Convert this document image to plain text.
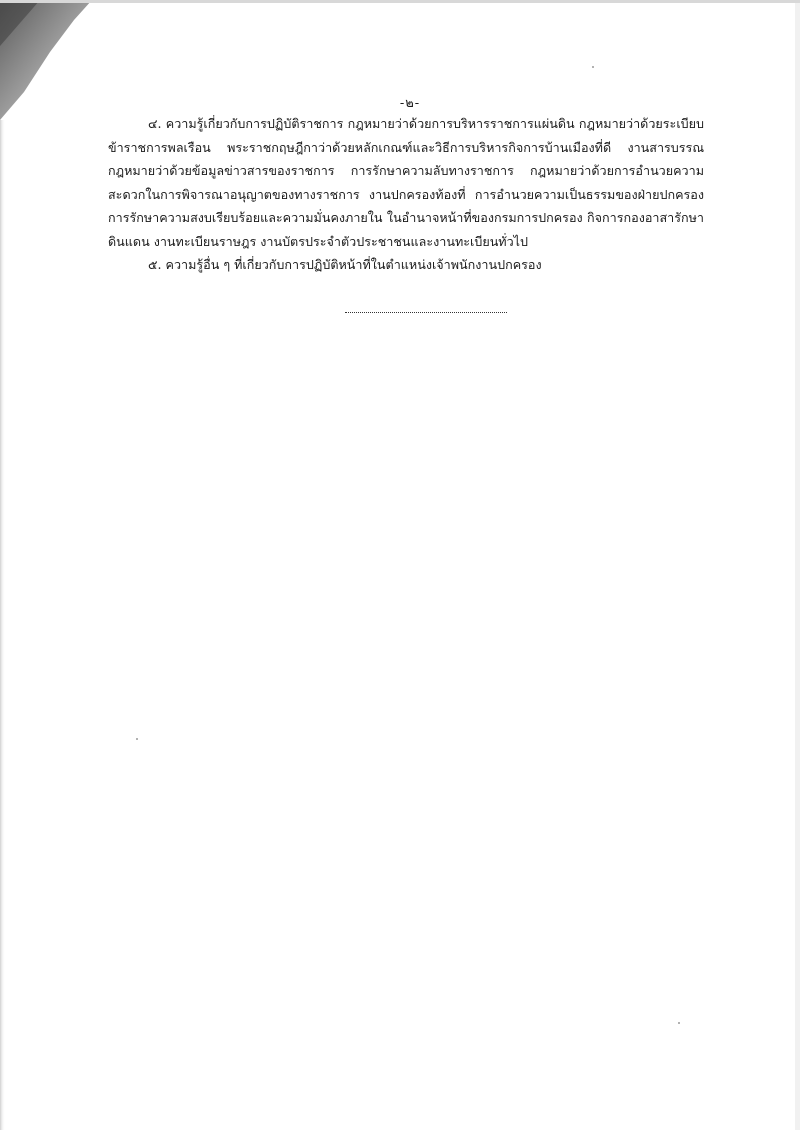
-๒-

๔. ความรู้เกี่ยวกับการปฏิบัติราชการ กฎหมายว่าด้วยการบริหารราชการแผ่นดิน กฎหมายว่าด้วยระเบียบข้าราชการพลเรือน พระราชกฤษฎีกาว่าด้วยหลักเกณฑ์และวิธีการบริหารกิจการบ้านเมืองที่ดี งานสารบรรณ กฎหมายว่าด้วยข้อมูลข่าวสารของราชการ การรักษาความลับทางราชการ กฎหมายว่าด้วยการอำนวยความสะดวกในการพิจารณาอนุญาตของทางราชการ งานปกครองท้องที่ การอำนวยความเป็นธรรมของฝ่ายปกครอง การรักษาความสงบเรียบร้อยและความมั่นคงภายใน ในอำนาจหน้าที่ของกรมการปกครอง กิจการกองอาสารักษาดินแดน งานทะเบียนราษฎร งานบัตรประจำตัวประชาชนและงานทะเบียนทั่วไป

๕. ความรู้อื่น ๆ ที่เกี่ยวกับการปฏิบัติหน้าที่ในตำแหน่งเจ้าพนักงานปกครอง
